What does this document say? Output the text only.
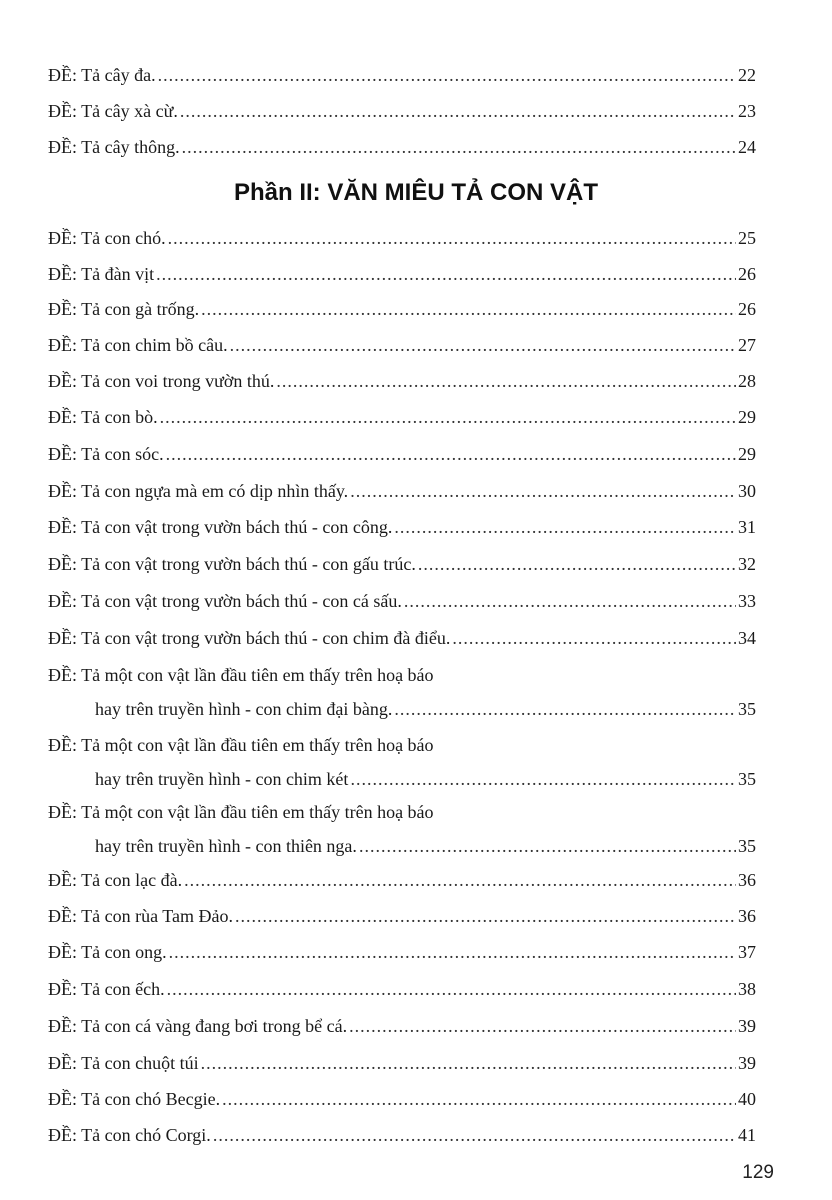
ĐỀ: Tả cây đa. .....	22
ĐỀ: Tả cây xà cừ. .....	23
ĐỀ: Tả cây thông. .....	24
Phần II: VĂN MIÊU TẢ CON VẬT
ĐỀ: Tả con chó. .....	25
ĐỀ: Tả đàn vịt .....	26
ĐỀ: Tả con gà trống. .....	26
ĐỀ: Tả con chim bồ câu. .....	27
ĐỀ: Tả con voi trong vườn thú. .....	28
ĐỀ: Tả con bò. .....	29
ĐỀ: Tả con sóc. .....	29
ĐỀ: Tả con ngựa mà em có dịp nhìn thấy. .....	30
ĐỀ: Tả con vật trong vườn bách thú - con công. .....	31
ĐỀ: Tả con vật trong vườn bách thú - con gấu trúc. .....	32
ĐỀ: Tả con vật trong vườn bách thú - con cá sấu. .....	33
ĐỀ: Tả con vật trong vườn bách thú - con chim đà điểu. .....	34
ĐỀ: Tả một con vật lần đầu tiên em thấy trên hoạ báo
hay trên truyền hình - con chim đại bàng. .....	35
ĐỀ: Tả một con vật lần đầu tiên em thấy trên hoạ báo
hay trên truyền hình - con chim két .....	35
ĐỀ: Tả một con vật lần đầu tiên em thấy trên hoạ báo
hay trên truyền hình - con thiên nga. .....	35
ĐỀ: Tả con lạc đà. .....	36
ĐỀ: Tả con rùa Tam Đảo. .....	36
ĐỀ: Tả con ong. .....	37
ĐỀ: Tả con ếch. .....	38
ĐỀ: Tả con cá vàng đang bơi trong bể cá. .....	39
ĐỀ: Tả con chuột túi .....	39
ĐỀ: Tả con chó Becgie. .....	40
ĐỀ: Tả con chó Corgi. .....	41
129
